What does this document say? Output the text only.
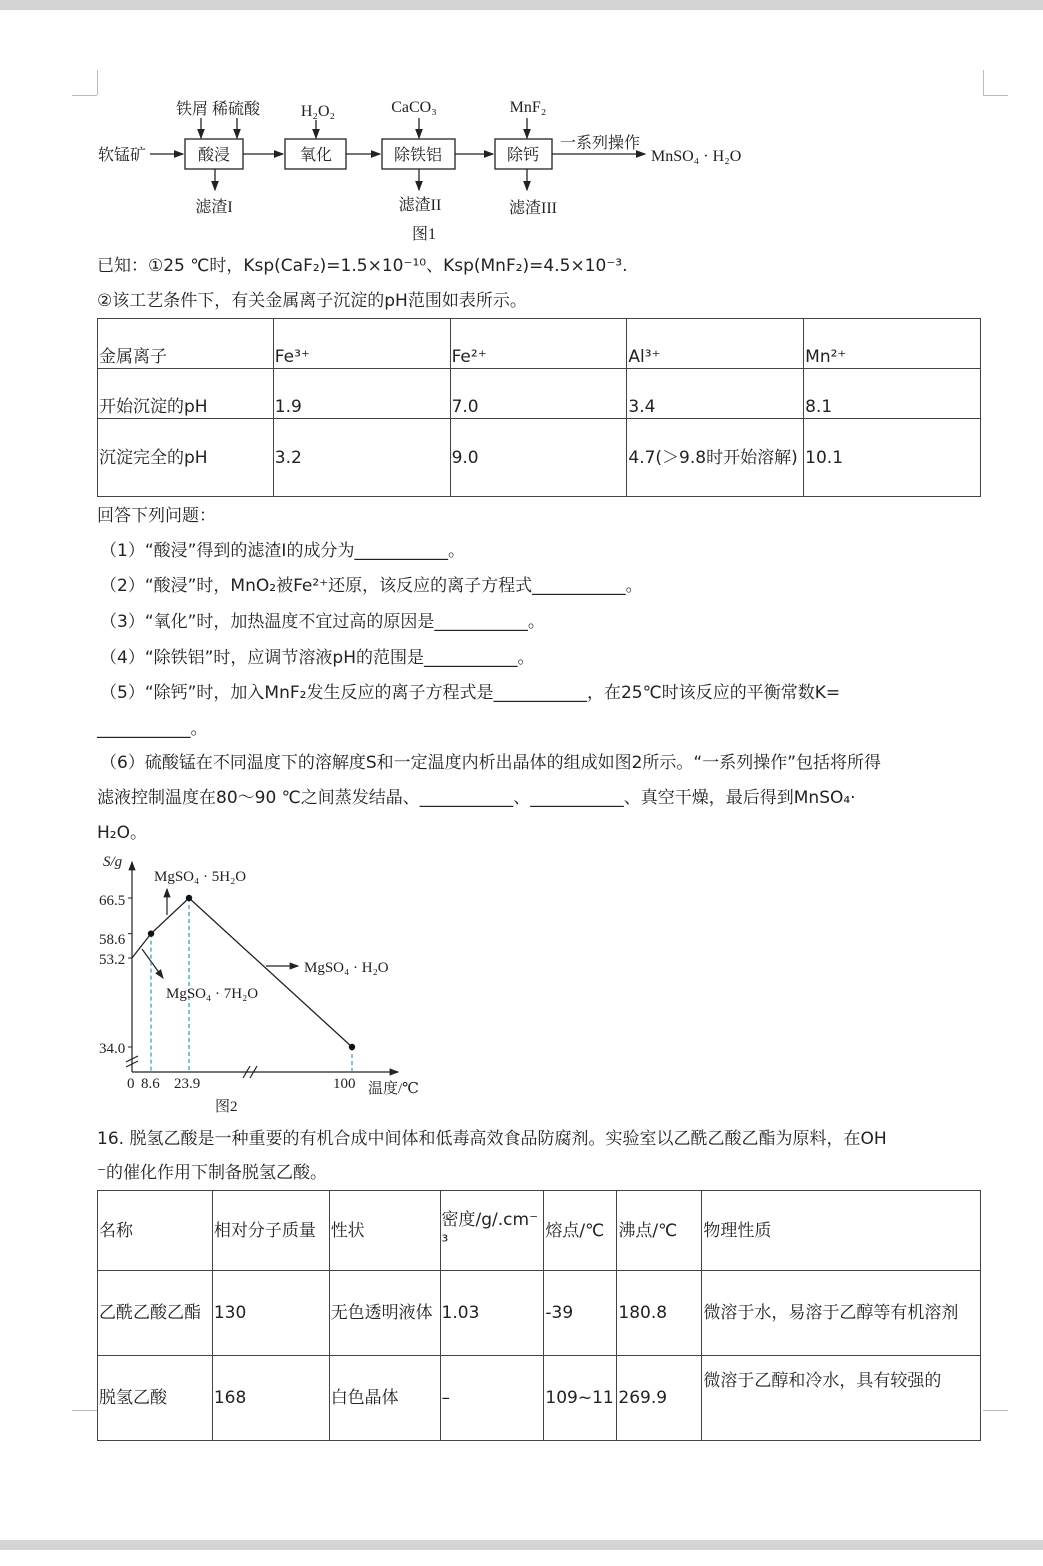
软锰矿
铁屑 稀硫酸
酸浸
滤渣I
H₂O₂
氧化
CaCO₃
除铁铝
滤渣II
MnF₂
除钙
滤渣III
一系列操作
MnSO₄ · H₂O
图1
已知：①25 ℃时，Ksp(CaF₂)=1.5×10⁻¹⁰、Ksp(MnF₂)=4.5×10⁻³.
②该工艺条件下，有关金属离子沉淀的pH范围如表所示。
金属离子	Fe³⁺	Fe²⁺	Al³⁺	Mn²⁺
开始沉淀的pH	1.9	7.0	3.4	8.1
沉淀完全的pH	3.2	9.0	4.7(＞9.8时开始溶解)	10.1
回答下列问题：
（1）“酸浸”得到的滤渣I的成分为___________。
（2）“酸浸”时，MnO₂被Fe²⁺还原，该反应的离子方程式___________。
（3）“氧化”时，加热温度不宜过高的原因是___________。
（4）“除铁铝”时，应调节溶液pH的范围是___________。
（5）“除钙”时，加入MnF₂发生反应的离子方程式是___________，在25℃时该反应的平衡常数K=
___________。
（6）硫酸锰在不同温度下的溶解度S和一定温度内析出晶体的组成如图2所示。“一系列操作”包括将所得
滤液控制温度在80～90 ℃之间蒸发结晶、___________、___________、真空干燥，最后得到MnSO₄·
H₂O。
S/g
66.5
58.6
53.2
34.0
0 8.6 23.9	100 温度/℃
MgSO₄ · 5H₂O
MgSO₄ · 7H₂O
MgSO₄ · H₂O
图2
16. 脱氢乙酸是一种重要的有机合成中间体和低毒高效食品防腐剂。实验室以乙酰乙酸乙酯为原料，在OH
⁻的催化作用下制备脱氢乙酸。
名称	相对分子质量	性状	密度/g/.cm⁻³	熔点/℃	沸点/℃	物理性质
乙酰乙酸乙酯	130	无色透明液体	1.03	-39	180.8	微溶于水，易溶于乙醇等有机溶剂
脱氢乙酸	168	白色晶体	–	109~11	269.9	微溶于乙醇和冷水，具有较强的
